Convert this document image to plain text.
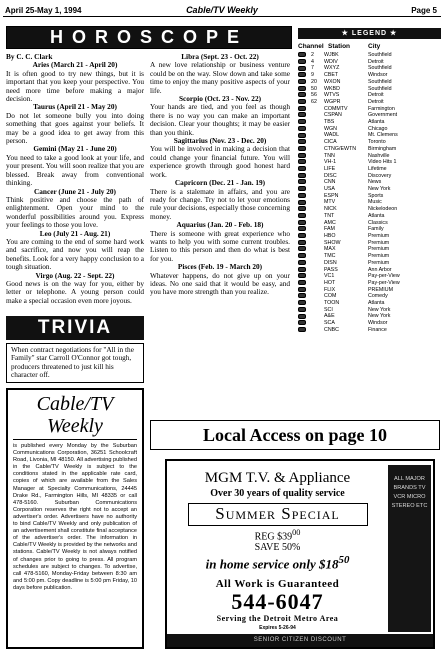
April 25-May 1, 1994	Cable/TV Weekly	Page 5
HOROSCOPE
By C. C. Clark
Aries (March 21 - April 20)

It is often good to try new things, but it is important that you keep your perspective. You need more time before making a major decision.

Taurus (April 21 - May 20)

Do not let someone bully you into doing something that goes against your beliefs. It may be a good idea to get away from this person.

Gemini (May 21 - June 20)

You need to take a good look at your life, and your present. You will soon realize that you are blessed. Break away from conventional thinking.

Cancer (June 21 - July 20)

Think positive and choose the path of enlightenment. Open your mind to the wonderful possibilities around you. Express your feelings to those you love.

Leo (July 21 - Aug. 21)

You are coming to the end of some hard work and sacrifice, and now you will reap the benefits. Look for a very happy conclusion to a tough situation.

Virgo (Aug. 22 - Sept. 22)

Good news is on the way for you, either by letter or telephone. A young person could make a special occasion even more joyous.

Libra (Sept. 23 - Oct. 22)

A new love relationship or business venture could be on the way. Slow down and take some time to enjoy the many positive aspects of your life.

Scorpio (Oct. 23 - Nov. 22)

Your hands are tied, and you feel as though there is no way you can make an important decision. Clear your thoughts; it may be easier than you think.

Sagittarius (Nov. 23 - Dec. 20)

You will be involved in making a decision that could change your financial future. You will experience growth through good honest hard work.

Capricorn (Dec. 21 - Jan. 19)

There is a stalemate in affairs, and you are ready for change. Try not to let your emotions rule your decisions, especially those concerning money.

Aquarius (Jan. 20 - Feb. 18)

There is someone with great experience who wants to help you with some current troubles. Listen to this person and then do what is best for you.

Pisces (Feb. 19 - March 20)

Whatever happens, do not give up on your ideas. No one said that it would be easy, and you have more strength than you realize.

TRIVIA

When contract negotiations for "All in the Family" star Carroll O'Connor got tough, producers threatened to just kill his character off.

Cable/TV
Weekly

is published every Monday by the Suburban Communications Corporation, 36251 Schoolcraft Road, Livonia, MI 48150. All advertising published in the Cable/TV Weekly is subject to the conditions stated in the applicable rate card, copies of which are available from the Sales Manager at Specialty Communications, 24445 Drake Rd., Farmington Hills, MI 48335 or call 478-5160. Suburban Communications Corporation reserves the right not to accept an advertiser's order. Advertisers have no authority to bind Cable/TV Weekly and only publication of an advertisement shall constitute final acceptance of the advertiser's order. The information in Cable/TV Weekly is provided by the networks and stations. Cable/TV Weekly is not always notified of changes prior to going to press. All program schedules are subject to changes. To advertise, call 478-5160, Monday-Friday between 8:30 am and 5:00 pm. Copy deadline is 5:00 pm Friday, 10 days before publication.

★ LEGEND ★
Channel Station	City
	2	WJBK	Southfield
	4	WDIV	Detroit
	7	WXYZ	Southfield
	9	CBET	Windsor
	20	WXON	Southfield
	50	WKBD	Southfield
	56	WTVS	Detroit
	62	WGPR	Detroit
		COMMTV	Farmington
		CSPAN	Government
		TBS	Atlanta
		WGN	Chicago
		WADL	Mt. Clemens
		CICA	Toronto
		CTNG/EWTN	Birmingham
		TNN	Nashville
		VH-1	Video Hits 1
		LIFE	Lifetime
		DISC	Discovery
		CNN	News
		USA	New York
		ESPN	Sports
		MTV	Music
		NICK	Nickelodeon
		TNT	Atlanta
		AMC	Classics
		FAM	Family
		HBO	Premium
		SHOW	Premium
		MAX	Premium
		TMC	Premium
		DISN	Premium
		PASS	Ann Arbor
		VC1	Pay-per-View
		HOT	Pay-per-View
		FLIX	PREMIUM
		COM	Comedy
		TOON	Atlanta
		SCI	New York
		A&E	New York
		SCA	Windsor
		CNBC	Finance
Local Access on page 10
MGM T.V. & Appliance
Over 30 years of quality service
Summer Special
REG $\$39^{00}$
SAVE 50%
in home service only $\$18^{50}$
All Work is Guaranteed
544-6047
Serving the Detroit Metro Area
Expires 5-26-94
ALL MAJOR BRANDS TV VCR MICRO STEREO ETC
SENIOR CITIZEN DISCOUNT
